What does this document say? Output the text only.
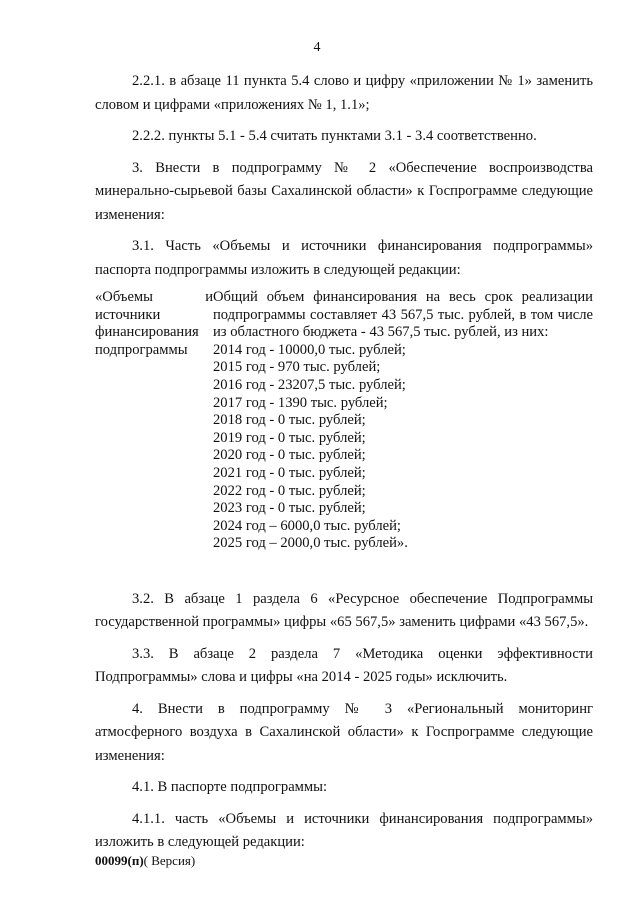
4

2.2.1. в абзаце 11 пункта 5.4 слово и цифру «приложении № 1» заменить словом и цифрами «приложениях № 1, 1.1»;

2.2.2. пункты 5.1 - 5.4 считать пунктами 3.1 - 3.4 соответственно.

3. Внести в подпрограмму № 2 «Обеспечение воспроизводства минерально-сырьевой базы Сахалинской области» к Госпрограмме следующие изменения:

3.1. Часть «Объемы и источники финансирования подпрограммы» паспорта подпрограммы изложить в следующей редакции:

«Объемы	и
источники
финансирования
подпрограммы
Общий объем финансирования на весь срок реализации подпрограммы составляет 43 567,5 тыс. рублей, в том числе из областного бюджета - 43 567,5 тыс. рублей, из них:
2014 год - 10000,0 тыс. рублей;
2015 год - 970 тыс. рублей;
2016 год - 23207,5 тыс. рублей;
2017 год - 1390 тыс. рублей;
2018 год - 0 тыс. рублей;
2019 год - 0 тыс. рублей;
2020 год - 0 тыс. рублей;
2021 год - 0 тыс. рублей;
2022 год - 0 тыс. рублей;
2023 год - 0 тыс. рублей;
2024 год – 6000,0 тыс. рублей;
2025 год – 2000,0 тыс. рублей».

3.2. В абзаце 1 раздела 6 «Ресурсное обеспечение Подпрограммы государственной программы» цифры «65 567,5» заменить цифрами «43 567,5».

3.3. В абзаце 2 раздела 7 «Методика оценки эффективности Подпрограммы» слова и цифры «на 2014 - 2025 годы» исключить.

4. Внести в подпрограмму № 3 «Региональный мониторинг атмосферного воздуха в Сахалинской области» к Госпрограмме следующие изменения:

4.1. В паспорте подпрограммы:

4.1.1. часть «Объемы и источники финансирования подпрограммы» изложить в следующей редакции:

00099(п)( Версия)
